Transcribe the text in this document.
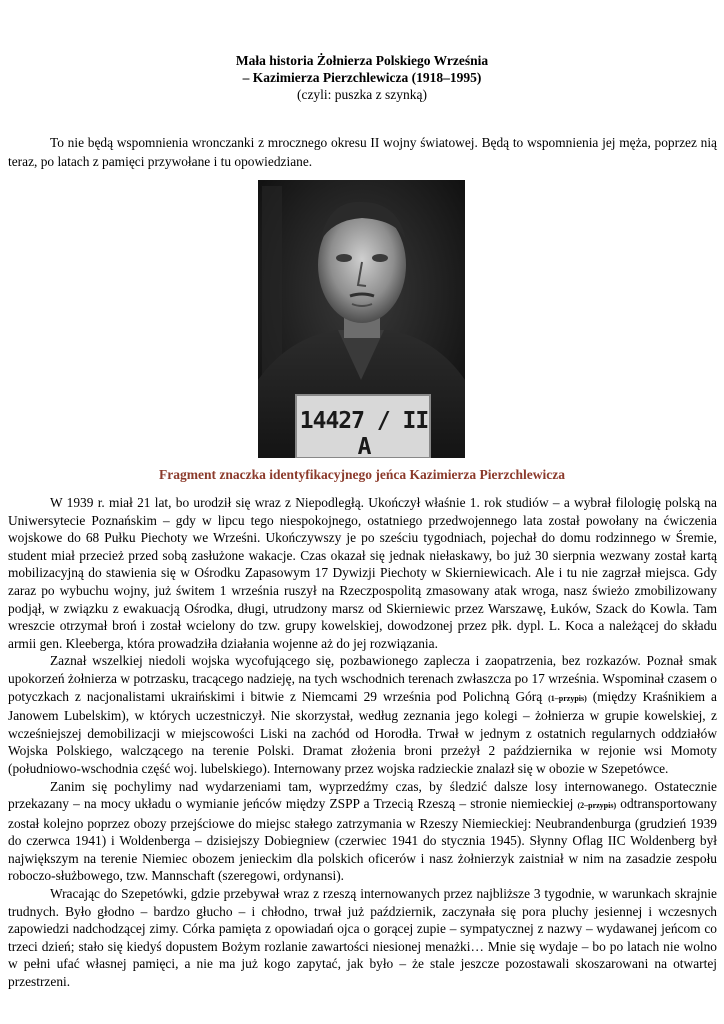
Mała historia Żołnierza Polskiego Września
– Kazimierza Pierzchlewicza (1918–1995)
(czyli: puszka z szynką)
To nie będą wspomnienia wronczanki z mrocznego okresu II wojny światowej. Będą to wspomnienia jej męża, poprzez nią teraz, po latach z pamięci przywołane i tu opowiedziane.
14427 / II A
Fragment znaczka identyfikacyjnego jeńca Kazimierza Pierzchlewicza

W 1939 r. miał 21 lat, bo urodził się wraz z Niepodległą. Ukończył właśnie 1. rok studiów – a wybrał filologię polską na Uniwersytecie Poznańskim – gdy w lipcu tego niespokojnego, ostatniego przedwojennego lata został powołany na ćwiczenia wojskowe do 68 Pułku Piechoty we Wrześni. Ukończywszy je po sześciu tygodniach, pojechał do domu rodzinnego w Śremie, student miał przecież przed sobą zasłużone wakacje. Czas okazał się jednak niełaskawy, bo już 30 sierpnia wezwany został kartą mobilizacyjną do stawienia się w Ośrodku Zapasowym 17 Dywizji Piechoty w Skierniewicach. Ale i tu nie zagrzał miejsca. Gdy zaraz po wybuchu wojny, już świtem 1 września ruszył na Rzeczpospolitą zmasowany atak wroga, nasz świeżo zmobilizowany podjął, w związku z ewakuacją Ośrodka, długi, utrudzony marsz od Skierniewic przez Warszawę, Łuków, Szack do Kowla. Tam wreszcie otrzymał broń i został wcielony do tzw. grupy kowelskiej, dowodzonej przez płk. dypl. L. Koca a należącej do składu armii gen. Kleeberga, która prowadziła działania wojenne aż do jej rozwiązania.

Zaznał wszelkiej niedoli wojska wycofującego się, pozbawionego zaplecza i zaopatrzenia, bez rozkazów. Poznał smak upokorzeń żołnierza w potrzasku, tracącego nadzieję, na tych wschodnich terenach zwłaszcza po 17 września. Wspominał czasem o potyczkach z nacjonalistami ukraińskimi i bitwie z Niemcami 29 września pod Polichną Górą (1–przypis) (między Kraśnikiem a Janowem Lubelskim), w których uczestniczył. Nie skorzystał, według zeznania jego kolegi – żołnierza w grupie kowelskiej, z wcześniejszej demobilizacji w miejscowości Liski na zachód od Horodła. Trwał w jednym z ostatnich regularnych oddziałów Wojska Polskiego, walczącego na terenie Polski. Dramat złożenia broni przeżył 2 października w rejonie wsi Momoty (południowo-wschodnia część woj. lubelskiego). Internowany przez wojska radzieckie znalazł się w obozie w Szepetówce.

Zanim się pochylimy nad wydarzeniami tam, wyprzedźmy czas, by śledzić dalsze losy internowanego. Ostatecznie przekazany – na mocy układu o wymianie jeńców między ZSPP a Trzecią Rzeszą – stronie niemieckiej (2–przypis) odtransportowany został kolejno poprzez obozy przejściowe do miejsc stałego zatrzymania w Rzeszy Niemieckiej: Neubrandenburga (grudzień 1939 do czerwca 1941) i Woldenberga – dzisiejszy Dobiegniew (czerwiec 1941 do stycznia 1945). Słynny Oflag IIC Woldenberg był największym na terenie Niemiec obozem jenieckim dla polskich oficerów i nasz żołnierzyk zaistniał w nim na zasadzie zespołu roboczo-służbowego, tzw. Mannschaft (szeregowi, ordynansi).

Wracając do Szepetówki, gdzie przebywał wraz z rzeszą internowanych przez najbliższe 3 tygodnie, w warunkach skrajnie trudnych. Było głodno – bardzo głucho – i chłodno, trwał już październik, zaczynała się pora pluchy jesiennej i wczesnych zapowiedzi nadchodzącej zimy. Córka pamięta z opowiadań ojca o gorącej zupie – sympatycznej z nazwy – wydawanej jeńcom co trzeci dzień; stało się kiedyś dopustem Bożym rozlanie zawartości niesionej menażki… Mnie się wydaje – bo po latach nie wolno w pełni ufać własnej pamięci, a nie ma już kogo zapytać, jak było – że stale jeszcze pozostawali skoszarowani na otwartej przestrzeni.
